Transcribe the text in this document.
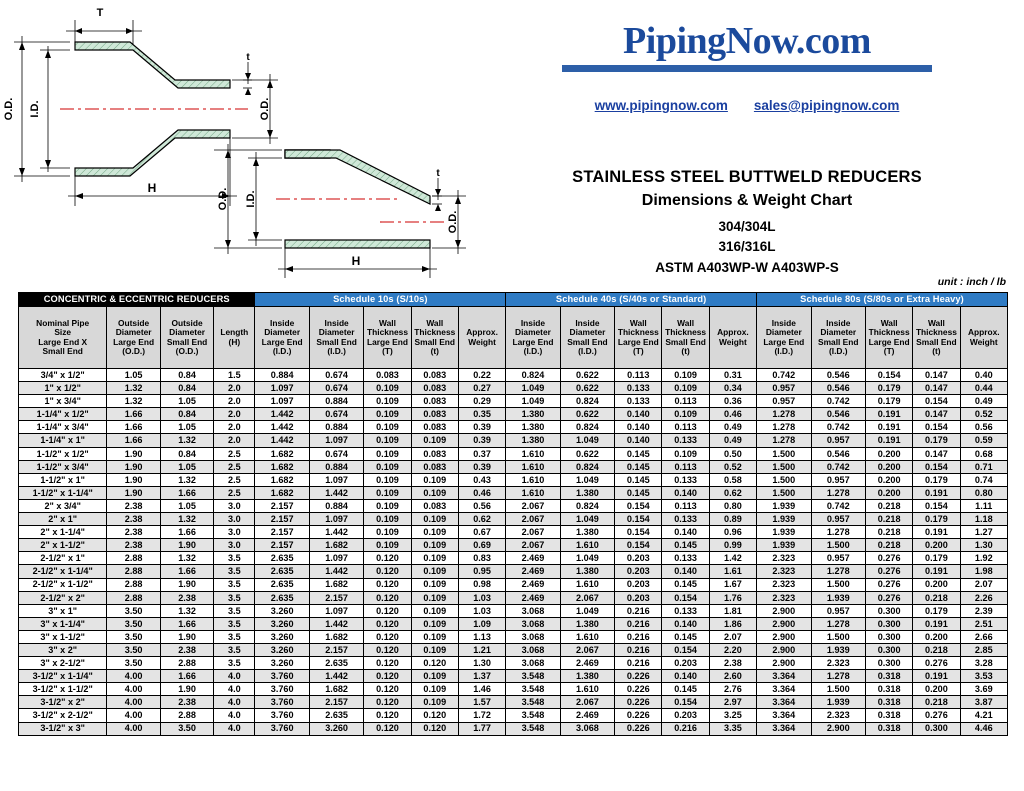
T
O.D. I.D.
t
O.D.
H	O.D. I.D.
t
O.D.
H
PipingNow.com
www.pipingnow.com sales@pipingnow.com
STAINLESS STEEL BUTTWELD REDUCERS
Dimensions & Weight Chart
304/304L
316/316L
ASTM A403WP-W A403WP-S
unit : inch / lb
CONCENTRIC & ECCENTRIC REDUCERS				Schedule 10s (S/10s)					Schedule 40s (S/40s or Standard)					Schedule 80s (S/80s or Extra Heavy)				

Nominal Pipe
Size
Large End X
Small End

Outside
Diameter
Large End
(O.D.)

Outside
Diameter
Small End
(O.D.)

Length
(H)

Inside
Diameter
Large End
(I.D.)

Inside
Diameter
Small End
(I.D.)

Wall
Thickness
Large End
(T)

Wall
Thickness
Small End
(t)

Approx.
Weight

Inside
Diameter
Large End
(I.D.)

Inside
Diameter
Small End
(I.D.)

Wall
Thickness
Large End
(T)

Wall
Thickness
Small End
(t)

Approx.
Weight

Inside
Diameter
Large End
(I.D.)

Inside
Diameter
Small End
(I.D.)

Wall
Thickness
Large End
(T)

Wall
Thickness
Small End
(t)

Approx.
Weight

3/4" x 1/2"	1.05	0.84	1.5	0.884	0.674	0.083	0.083	0.22	0.824	0.622	0.113	0.109	0.31	0.742	0.546	0.154	0.147	0.40
1" x 1/2"	1.32	0.84	2.0	1.097	0.674	0.109	0.083	0.27	1.049	0.622	0.133	0.109	0.34	0.957	0.546	0.179	0.147	0.44
1" x 3/4"	1.32	1.05	2.0	1.097	0.884	0.109	0.083	0.29	1.049	0.824	0.133	0.113	0.36	0.957	0.742	0.179	0.154	0.49
1-1/4" x 1/2"	1.66	0.84	2.0	1.442	0.674	0.109	0.083	0.35	1.380	0.622	0.140	0.109	0.46	1.278	0.546	0.191	0.147	0.52
1-1/4" x 3/4"	1.66	1.05	2.0	1.442	0.884	0.109	0.083	0.39	1.380	0.824	0.140	0.113	0.49	1.278	0.742	0.191	0.154	0.56
1-1/4" x 1"	1.66	1.32	2.0	1.442	1.097	0.109	0.109	0.39	1.380	1.049	0.140	0.133	0.49	1.278	0.957	0.191	0.179	0.59
1-1/2" x 1/2"	1.90	0.84	2.5	1.682	0.674	0.109	0.083	0.37	1.610	0.622	0.145	0.109	0.50	1.500	0.546	0.200	0.147	0.68
1-1/2" x 3/4"	1.90	1.05	2.5	1.682	0.884	0.109	0.083	0.39	1.610	0.824	0.145	0.113	0.52	1.500	0.742	0.200	0.154	0.71
1-1/2" x 1"	1.90	1.32	2.5	1.682	1.097	0.109	0.109	0.43	1.610	1.049	0.145	0.133	0.58	1.500	0.957	0.200	0.179	0.74
1-1/2" x 1-1/4"	1.90	1.66	2.5	1.682	1.442	0.109	0.109	0.46	1.610	1.380	0.145	0.140	0.62	1.500	1.278	0.200	0.191	0.80
2" x 3/4"	2.38	1.05	3.0	2.157	0.884	0.109	0.083	0.56	2.067	0.824	0.154	0.113	0.80	1.939	0.742	0.218	0.154	1.11
2" x 1"	2.38	1.32	3.0	2.157	1.097	0.109	0.109	0.62	2.067	1.049	0.154	0.133	0.89	1.939	0.957	0.218	0.179	1.18
2" x 1-1/4"	2.38	1.66	3.0	2.157	1.442	0.109	0.109	0.67	2.067	1.380	0.154	0.140	0.96	1.939	1.278	0.218	0.191	1.27
2" x 1-1/2"	2.38	1.90	3.0	2.157	1.682	0.109	0.109	0.69	2.067	1.610	0.154	0.145	0.99	1.939	1.500	0.218	0.200	1.30
2-1/2" x 1"	2.88	1.32	3.5	2.635	1.097	0.120	0.109	0.83	2.469	1.049	0.203	0.133	1.42	2.323	0.957	0.276	0.179	1.92
2-1/2" x 1-1/4"	2.88	1.66	3.5	2.635	1.442	0.120	0.109	0.95	2.469	1.380	0.203	0.140	1.61	2.323	1.278	0.276	0.191	1.98
2-1/2" x 1-1/2"	2.88	1.90	3.5	2.635	1.682	0.120	0.109	0.98	2.469	1.610	0.203	0.145	1.67	2.323	1.500	0.276	0.200	2.07
2-1/2" x 2"	2.88	2.38	3.5	2.635	2.157	0.120	0.109	1.03	2.469	2.067	0.203	0.154	1.76	2.323	1.939	0.276	0.218	2.26
3" x 1"	3.50	1.32	3.5	3.260	1.097	0.120	0.109	1.03	3.068	1.049	0.216	0.133	1.81	2.900	0.957	0.300	0.179	2.39
3" x 1-1/4"	3.50	1.66	3.5	3.260	1.442	0.120	0.109	1.09	3.068	1.380	0.216	0.140	1.86	2.900	1.278	0.300	0.191	2.51
3" x 1-1/2"	3.50	1.90	3.5	3.260	1.682	0.120	0.109	1.13	3.068	1.610	0.216	0.145	2.07	2.900	1.500	0.300	0.200	2.66
3" x 2"	3.50	2.38	3.5	3.260	2.157	0.120	0.109	1.21	3.068	2.067	0.216	0.154	2.20	2.900	1.939	0.300	0.218	2.85
3" x 2-1/2"	3.50	2.88	3.5	3.260	2.635	0.120	0.120	1.30	3.068	2.469	0.216	0.203	2.38	2.900	2.323	0.300	0.276	3.28
3-1/2" x 1-1/4"	4.00	1.66	4.0	3.760	1.442	0.120	0.109	1.37	3.548	1.380	0.226	0.140	2.60	3.364	1.278	0.318	0.191	3.53
3-1/2" x 1-1/2"	4.00	1.90	4.0	3.760	1.682	0.120	0.109	1.46	3.548	1.610	0.226	0.145	2.76	3.364	1.500	0.318	0.200	3.69
3-1/2" x 2"	4.00	2.38	4.0	3.760	2.157	0.120	0.109	1.57	3.548	2.067	0.226	0.154	2.97	3.364	1.939	0.318	0.218	3.87
3-1/2" x 2-1/2"	4.00	2.88	4.0	3.760	2.635	0.120	0.120	1.72	3.548	2.469	0.226	0.203	3.25	3.364	2.323	0.318	0.276	4.21
3-1/2" x 3"	4.00	3.50	4.0	3.760	3.260	0.120	0.120	1.77	3.548	3.068	0.226	0.216	3.35	3.364	2.900	0.318	0.300	4.46
